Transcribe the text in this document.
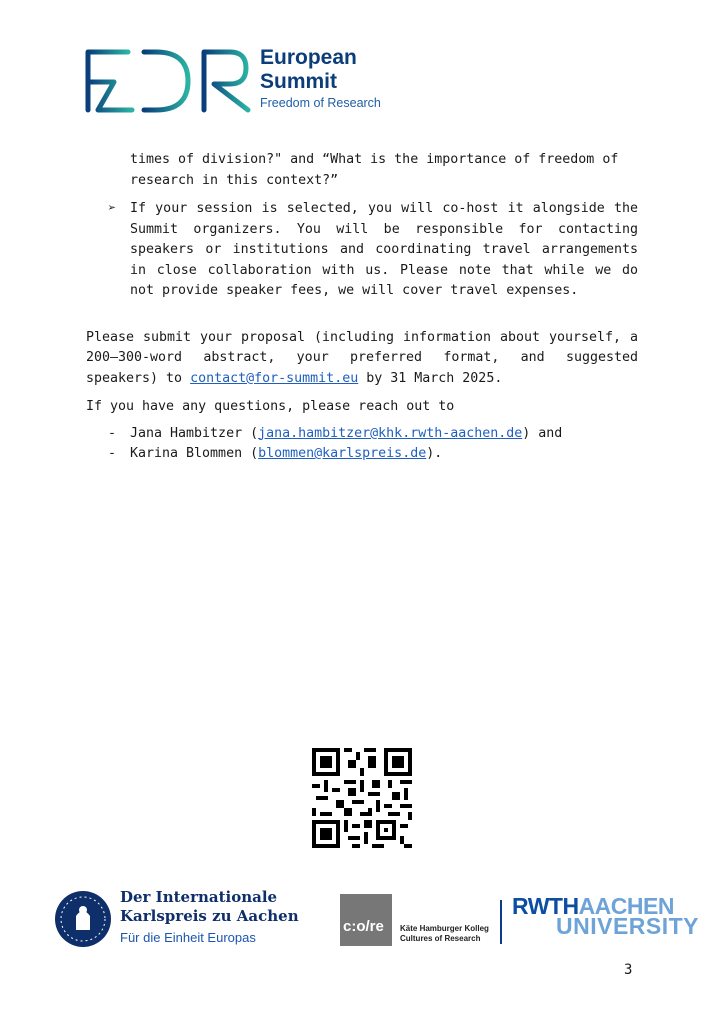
European
Summit
Freedom of Research
times of division?" and “What is the importance of freedom of research in this context?”
➢ If your session is selected, you will co-host it alongside the Summit organizers. You will be responsible for contacting speakers or institutions and coordinating travel arrangements in close collaboration with us. Please note that while we do not provide speaker fees, we will cover travel expenses.
Please submit your proposal (including information about yourself, a 200–300-word abstract, your preferred format, and suggested speakers) to contact@for-summit.eu by 31 March 2025.
If you have any questions, please reach out to
- Jana Hambitzer (jana.hambitzer@khk.rwth-aachen.de) and
- Karina Blommen (blommen@karlspreis.de).
Der Internationale
Karlspreis zu Aachen
Für die Einheit Europas
c:o/re Käte Hamburger Kolleg
Cultures of Research
RWTHAACHEN
UNIVERSITY
3
